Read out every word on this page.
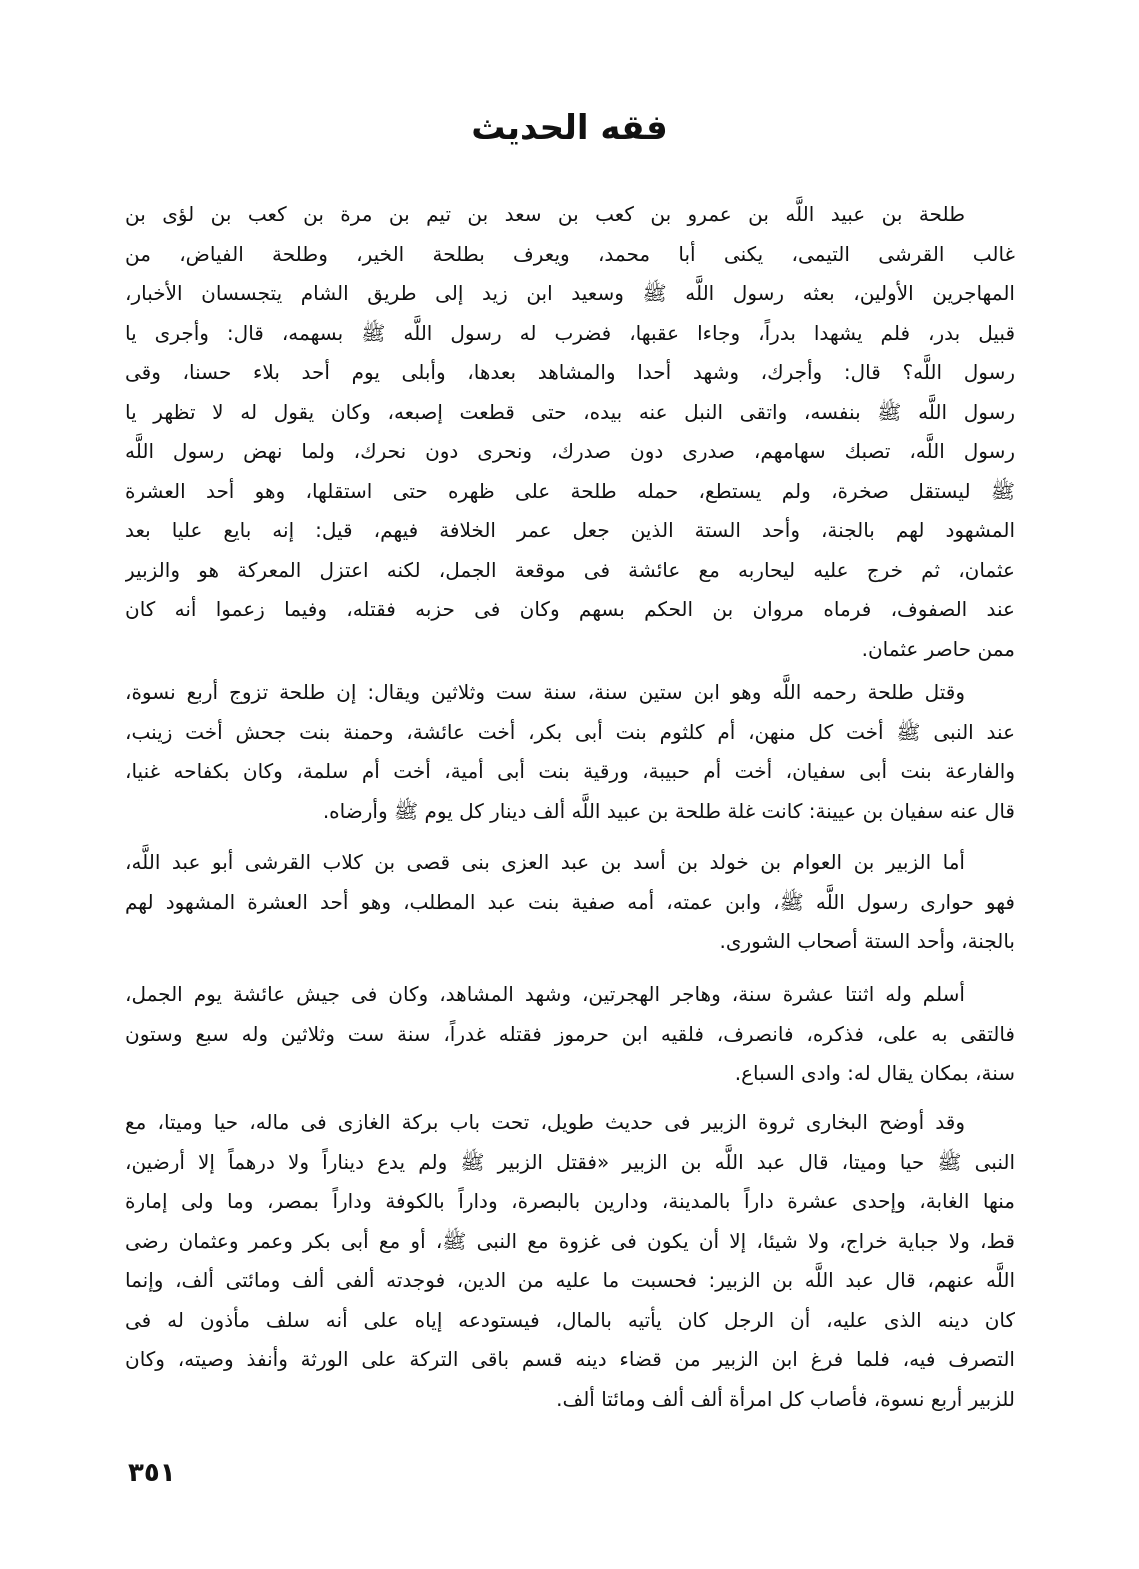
فقه الحديث
طلحة بن عبيد اللَّه بن عمرو بن كعب بن سعد بن تيم بن مرة بن كعب بن لؤى بن
غالب القرشى التيمى، يكنى أبا محمد، ويعرف بطلحة الخير، وطلحة الفياض، من
المهاجرين الأولين، بعثه رسول اللَّه ﷺ وسعيد ابن زيد إلى طريق الشام يتجسسان الأخبار،
قبيل بدر، فلم يشهدا بدراً، وجاءا عقبها، فضرب له رسول اللَّه ﷺ بسهمه، قال: وأجرى يا
رسول اللَّه؟ قال: وأجرك، وشهد أحدا والمشاهد بعدها، وأبلى يوم أحد بلاء حسنا، وقى
رسول اللَّه ﷺ بنفسه، واتقى النبل عنه بيده، حتى قطعت إصبعه، وكان يقول له لا تظهر يا
رسول اللَّه، تصبك سهامهم، صدرى دون صدرك، ونحرى دون نحرك، ولما نهض رسول اللَّه
ﷺ ليستقل صخرة، ولم يستطع، حمله طلحة على ظهره حتى استقلها، وهو أحد العشرة
المشهود لهم بالجنة، وأحد الستة الذين جعل عمر الخلافة فيهم، قيل: إنه بايع عليا بعد
عثمان، ثم خرج عليه ليحاربه مع عائشة فى موقعة الجمل، لكنه اعتزل المعركة هو والزبير
عند الصفوف، فرماه مروان بن الحكم بسهم وكان فى حزبه فقتله، وفيما زعموا أنه كان
ممن حاصر عثمان.
وقتل طلحة رحمه اللَّه وهو ابن ستين سنة، سنة ست وثلاثين ويقال: إن طلحة تزوج أربع نسوة،
عند النبى ﷺ أخت كل منهن، أم كلثوم بنت أبى بكر، أخت عائشة، وحمنة بنت جحش أخت زينب،
والفارعة بنت أبى سفيان، أخت أم حبيبة، ورقية بنت أبى أمية، أخت أم سلمة، وكان بكفاحه غنيا،
قال عنه سفيان بن عيينة: كانت غلة طلحة بن عبيد اللَّه ألف دينار كل يوم ﷺ وأرضاه.
أما الزبير بن العوام بن خولد بن أسد بن عبد العزى بنى قصى بن كلاب القرشى أبو عبد اللَّه،
فهو حوارى رسول اللَّه ﷺ، وابن عمته، أمه صفية بنت عبد المطلب، وهو أحد العشرة المشهود لهم
بالجنة، وأحد الستة أصحاب الشورى.
أسلم وله اثنتا عشرة سنة، وهاجر الهجرتين، وشهد المشاهد، وكان فى جيش عائشة يوم الجمل،
فالتقى به على، فذكره، فانصرف، فلقيه ابن حرموز فقتله غدراً، سنة ست وثلاثين وله سبع وستون
سنة، بمكان يقال له: وادى السباع.
وقد أوضح البخارى ثروة الزبير فى حديث طويل، تحت باب بركة الغازى فى ماله، حيا وميتا، مع
النبى ﷺ حيا وميتا، قال عبد اللَّه بن الزبير «فقتل الزبير ﷺ ولم يدع ديناراً ولا درهماً إلا أرضين،
منها الغابة، وإحدى عشرة داراً بالمدينة، ودارين بالبصرة، وداراً بالكوفة وداراً بمصر، وما ولى إمارة
قط، ولا جباية خراج، ولا شيئا، إلا أن يكون فى غزوة مع النبى ﷺ، أو مع أبى بكر وعمر وعثمان رضى
اللَّه عنهم، قال عبد اللَّه بن الزبير: فحسبت ما عليه من الدين، فوجدته ألفى ألف ومائتى ألف، وإنما
كان دينه الذى عليه، أن الرجل كان يأتيه بالمال، فيستودعه إياه على أنه سلف مأذون له فى
التصرف فيه، فلما فرغ ابن الزبير من قضاء دينه قسم باقى التركة على الورثة وأنفذ وصيته، وكان
للزبير أربع نسوة، فأصاب كل امرأة ألف ألف ومائتا ألف.
٣٥١
